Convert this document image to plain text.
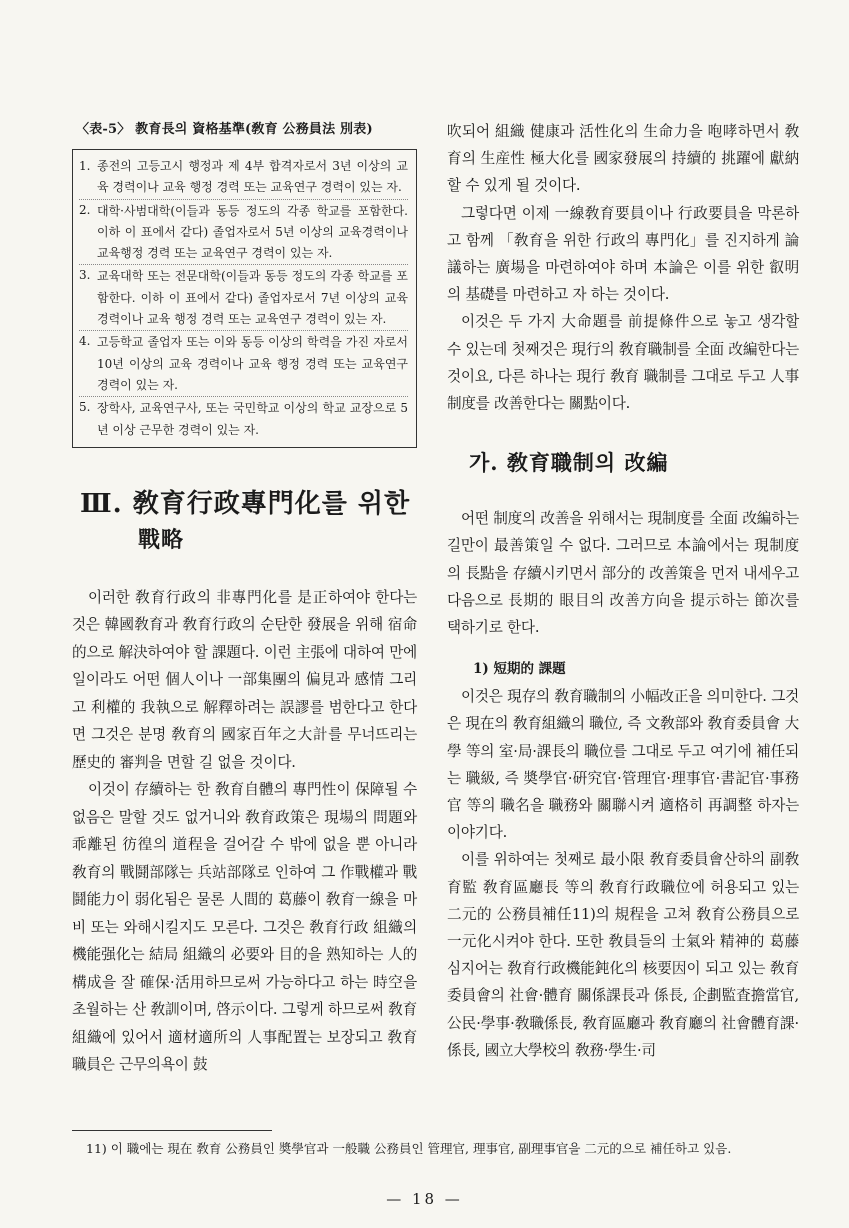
〈表-5〉 教育長의 資格基準(敎育 公務員法 別表)
1. 종전의 고등고시 행정과 제 4부 합격자로서 3년 이상의 교육 경력이나 교육 행정 경력 또는 교육연구 경력이 있는 자.
2. 대학·사범대학(이들과 동등 정도의 각종 학교를 포함한다. 이하 이 표에서 같다) 졸업자로서 5년 이상의 교육경력이나 교육행정 경력 또는 교육연구 경력이 있는 자.
3. 교육대학 또는 전문대학(이들과 동등 정도의 각종 학교를 포함한다. 이하 이 표에서 같다) 졸업자로서 7년 이상의 교육 경력이나 교육 행정 경력 또는 교육연구 경력이 있는 자.
4. 고등학교 졸업자 또는 이와 동등 이상의 학력을 가진 자로서 10년 이상의 교육 경력이나 교육 행정 경력 또는 교육연구 경력이 있는 자.
5. 장학사, 교육연구사, 또는 국민학교 이상의 학교 교장으로 5년 이상 근무한 경력이 있는 자.
Ⅲ. 敎育行政專門化를 위한
戰略

이러한 敎育行政의 非專門化를 是正하여야 한다는 것은 韓國敎育과 敎育行政의 순탄한 發展을 위해 宿命的으로 解決하여야 할 課題다. 이런 主張에 대하여 만에 일이라도 어떤 個人이나 一部集團의 偏見과 感情 그리고 利權的 我執으로 解釋하려는 誤謬를 범한다고 한다면 그것은 분명 敎育의 國家百年之大計를 무너뜨리는 歷史的 審判을 면할 길 없을 것이다.

이것이 存續하는 한 敎育自體의 專門性이 保障될 수 없음은 말할 것도 없거니와 敎育政策은 現場의 問題와 乖離된 彷徨의 道程을 걸어갈 수 밖에 없을 뿐 아니라 敎育의 戰鬪部隊는 兵站部隊로 인하여 그 作戰權과 戰鬪能力이 弱化됨은 물론 人間的 葛藤이 敎育一線을 마비 또는 와해시킬지도 모른다. 그것은 敎育行政 組織의 機能强化는 結局 組織의 必要와 目的을 熟知하는 人的 構成을 잘 確保·活用하므로써 가능하다고 하는 時空을 초월하는 산 敎訓이며, 啓示이다. 그렇게 하므로써 敎育 組織에 있어서 適材適所의 人事配置는 보장되고 敎育職員은 근무의욕이 鼓

吹되어 組織 健康과 活性化의 生命力을 咆哮하면서 敎育의 生産性 極大化를 國家發展의 持續的 挑躍에 獻納할 수 있게 될 것이다.

그렇다면 이제 一線敎育要員이나 行政要員을 막론하고 함께 「敎育을 위한 行政의 專門化」를 진지하게 論議하는 廣場을 마련하여야 하며 本論은 이를 위한 叡明의 基礎를 마련하고 자 하는 것이다.

이것은 두 가지 大命題를 前提條件으로 놓고 생각할 수 있는데 첫째것은 現行의 敎育職制를 全面 改編한다는 것이요, 다른 하나는 現行 敎育 職制를 그대로 두고 人事制度를 改善한다는 關點이다.

가. 敎育職制의 改編

어떤 制度의 改善을 위해서는 現制度를 全面 改編하는 길만이 最善策일 수 없다. 그러므로 本論에서는 現制度의 長點을 存續시키면서 部分的 改善策을 먼저 내세우고 다음으로 長期的 眼目의 改善方向을 提示하는 節次를 택하기로 한다.

1) 短期的 課題

이것은 現存의 敎育職制의 小幅改正을 의미한다. 그것은 現在의 敎育組織의 職位, 즉 文敎部와 敎育委員會 大學 等의 室·局·課長의 職位를 그대로 두고 여기에 補任되는 職級, 즉 奬學官·硏究官·管理官·理事官·書記官·事務官 等의 職名을 職務와 關聯시켜 適格히 再調整 하자는 이야기다.

이를 위하여는 첫째로 最小限 敎育委員會산하의 副敎育監 敎育區廳長 等의 敎育行政職位에 허용되고 있는 二元的 公務員補任11)의 規程을 고쳐 敎育公務員으로 一元化시켜야 한다. 또한 敎員들의 士氣와 精神的 葛藤 심지어는 敎育行政機能鈍化의 核要因이 되고 있는 敎育委員會의 社會·體育 關係課長과 係長, 企劃監査擔當官, 公民·學事·敎職係長, 敎育區廳과 敎育廳의 社會體育課·係長, 國立大學校의 敎務·學生·司

11) 이 職에는 現在 敎育 公務員인 奬學官과 一般職 公務員인 管理官, 理事官, 副理事官을 二元的으로 補任하고 있음.
— 18 —
